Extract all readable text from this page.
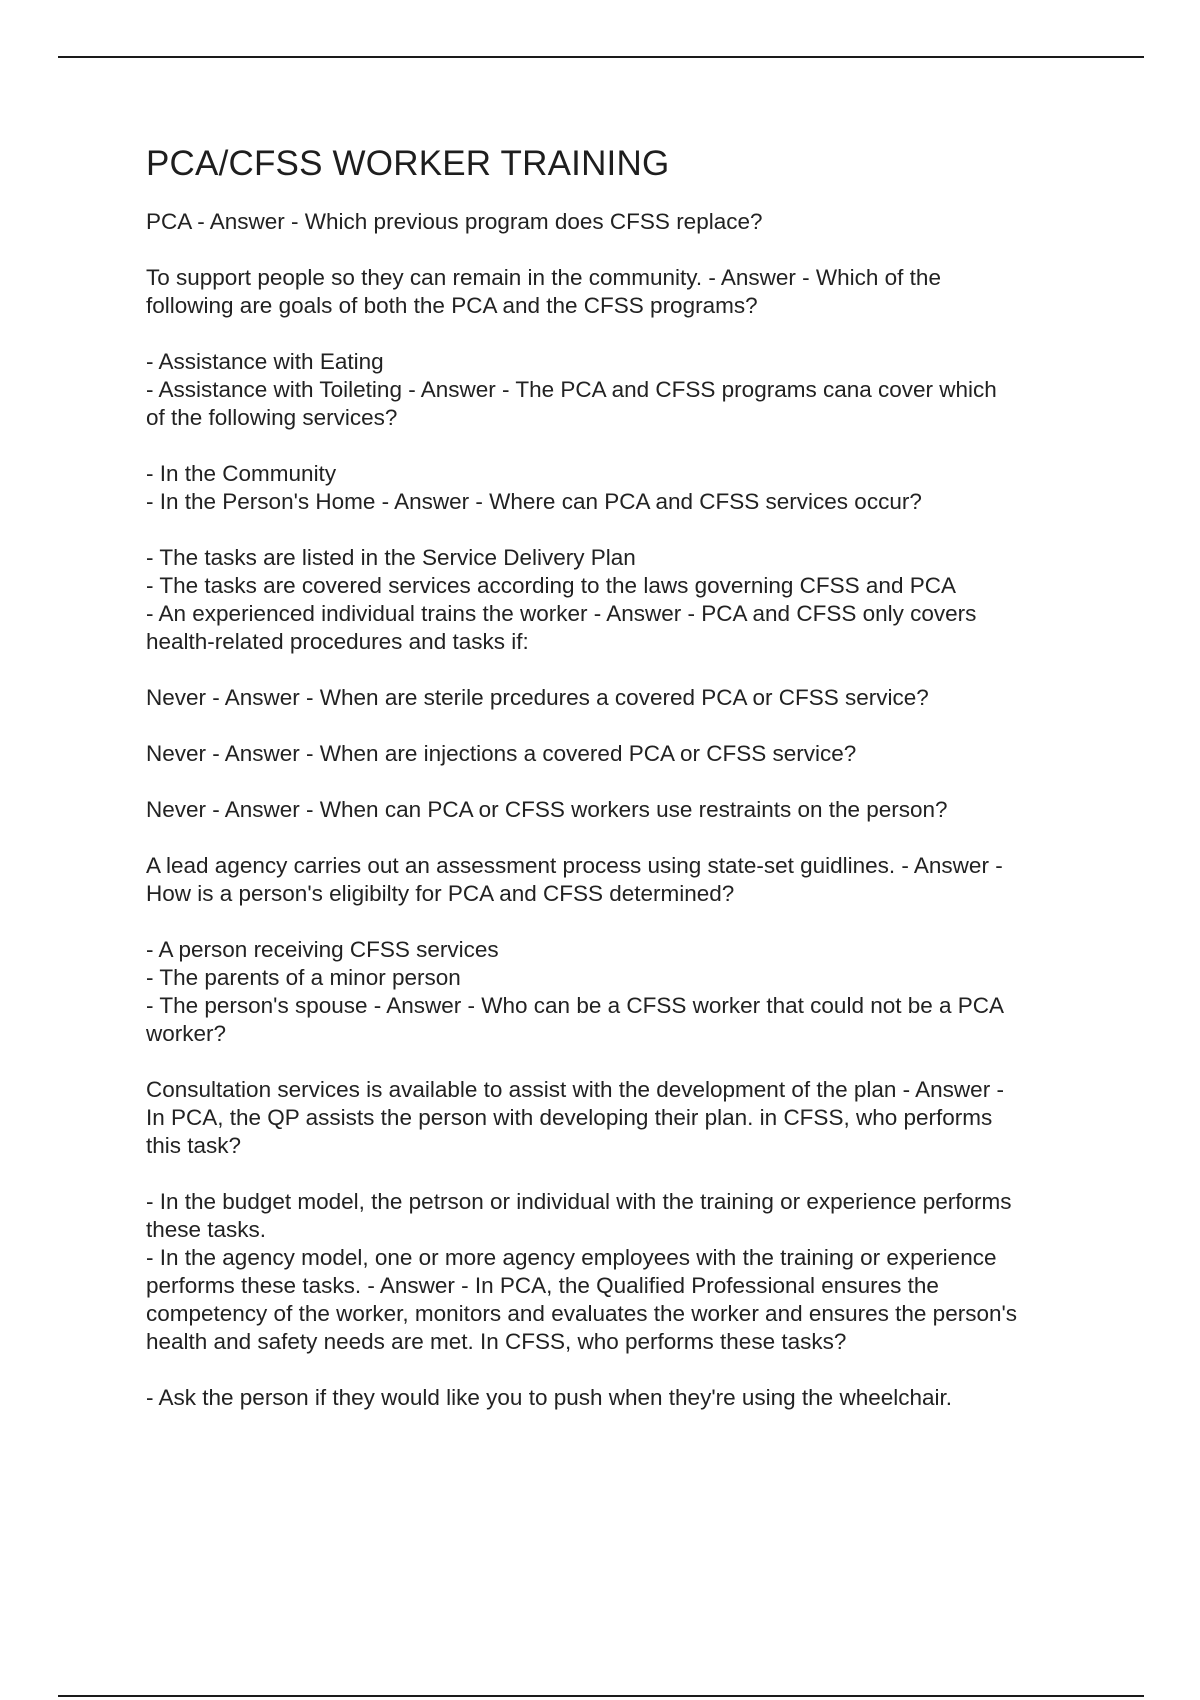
PCA/CFSS WORKER TRAINING

PCA - Answer - Which previous program does CFSS replace?

To support people so they can remain in the community. - Answer - Which of the
following are goals of both the PCA and the CFSS programs?

- Assistance with Eating
- Assistance with Toileting - Answer - The PCA and CFSS programs cana cover which
of the following services?

- In the Community
- In the Person's Home - Answer - Where can PCA and CFSS services occur?

- The tasks are listed in the Service Delivery Plan
- The tasks are covered services according to the laws governing CFSS and PCA
- An experienced individual trains the worker - Answer - PCA and CFSS only covers
health-related procedures and tasks if:

Never - Answer - When are sterile prcedures a covered PCA or CFSS service?

Never - Answer - When are injections a covered PCA or CFSS service?

Never - Answer - When can PCA or CFSS workers use restraints on the person?

A lead agency carries out an assessment process using state-set guidlines. - Answer -
How is a person's eligibilty for PCA and CFSS determined?

- A person receiving CFSS services
- The parents of a minor person
- The person's spouse - Answer - Who can be a CFSS worker that could not be a PCA
worker?

Consultation services is available to assist with the development of the plan - Answer -
In PCA, the QP assists the person with developing their plan. in CFSS, who performs
this task?

- In the budget model, the petrson or individual with the training or experience performs
these tasks.
- In the agency model, one or more agency employees with the training or experience
performs these tasks. - Answer - In PCA, the Qualified Professional ensures the
competency of the worker, monitors and evaluates the worker and ensures the person's
health and safety needs are met. In CFSS, who performs these tasks?

- Ask the person if they would like you to push when they're using the wheelchair.
